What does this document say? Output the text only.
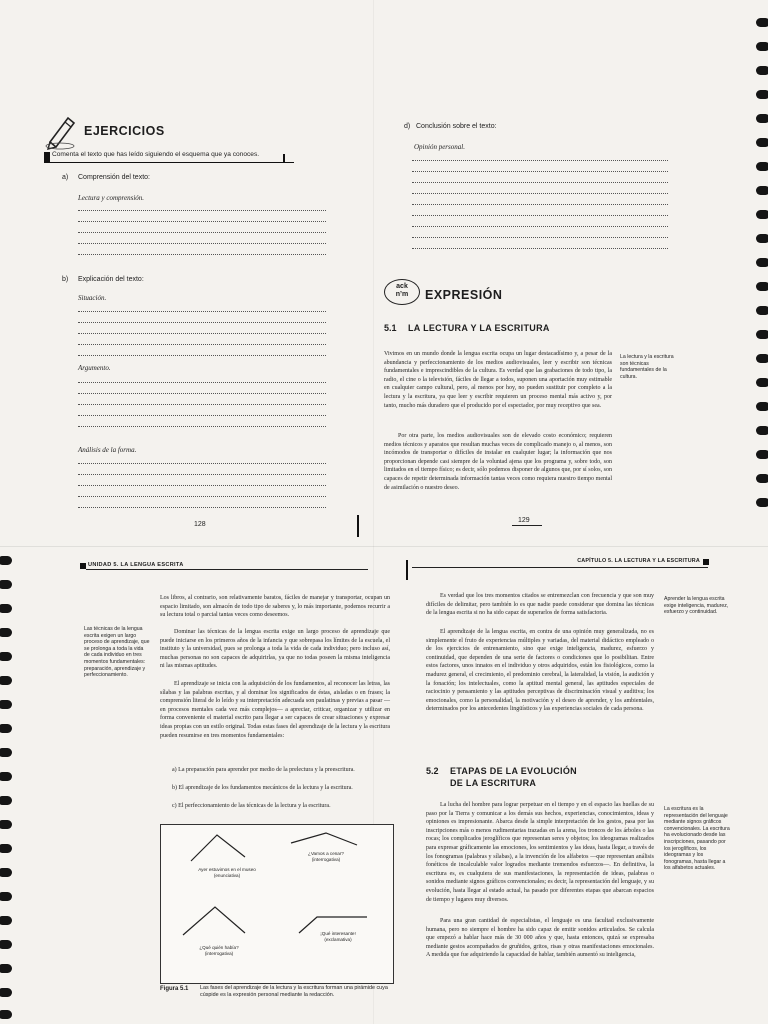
EJERCICIOS
Comenta el texto que has leído siguiendo el esquema que ya conoces.
a) Comprensión del texto:
Lectura y comprensión.
b) Explicación del texto:
Situación.
Argumento.
Análisis de la forma.
128
d) Conclusión sobre el texto:
Opinión personal.
ack
n’m	EXPRESIÓN
5.1 LA LECTURA Y LA ESCRITURA
Vivimos en un mundo donde la lengua escrita ocupa un lugar destacadísimo y, a pesar de la abundancia y perfeccionamiento de los medios audiovisuales, leer y escribir son técnicas fundamentales e imprescindibles de la cultura. Es verdad que las grabaciones de todo tipo, la radio, el cine o la televisión, fáciles de llegar a todos, suponen una aportación muy estimable en cualquier campo cultural, pero, al menos por hoy, no pueden sustituir por completo a la lectura y la escritura, ya que leer y escribir requieren un proceso mental más activo y, por tanto, mucho más duradero que el producido por el espectador, por muy receptivo que sea.
Por otra parte, los medios audiovisuales son de elevado costo económico; requieren medios técnicos y aparatos que resultan muchas veces de complicado manejo o, al menos, son incómodos de transportar o difíciles de instalar en cualquier lugar; la información que nos proporcionan depende casi siempre de la voluntad ajena que los programa y, sobre todo, son limitados en el tiempo físico; es decir, sólo podemos disponer de algunos que, por sí solos, son capaces de repetir determinada información tantas veces como requiera nuestro tiempo mental de asimilación o nuestro deseo.
La lectura y la escritura son técnicas fundamentales de la cultura.
129
UNIDAD 5. LA LENGUA ESCRITA
Los libros, al contrario, son relativamente baratos, fáciles de manejar y transportar, ocupan un espacio limitado, son almacén de todo tipo de saberes y, lo más importante, podemos recurrir a su lectura total o parcial tantas veces como deseemos.
Dominar las técnicas de la lengua escrita exige un largo proceso de aprendizaje que puede iniciarse en los primeros años de la infancia y que sobrepasa los límites de la escuela, el instituto y la universidad, pues se prolonga a toda la vida de cada individuo; pero incluso así, muchas personas no son capaces de adquirirlas, ya que no todas poseen la misma inteligencia ni las mismas aptitudes.
El aprendizaje se inicia con la adquisición de los fundamentos, al reconocer las letras, las sílabas y las palabras escritas, y al dominar los significados de éstas, aisladas o en frases; la comprensión literal de lo leído y su interpretación adecuada son paulatinas y previas a pasar —en procesos mentales cada vez más complejos— a apreciar, criticar, organizar y utilizar en forma conveniente el material escrito para llegar a ser capaces de crear situaciones y expresar ideas propias con un estilo original. Todas estas fases del aprendizaje de la lectura y la escritura pueden resumirse en tres momentos fundamentales:
Las técnicas de la lengua escrita exigen un largo proceso de aprendizaje, que se prolonga a toda la vida de cada individuo en tres momentos fundamentales: preparación, aprendizaje y perfeccionamiento.
a) La preparación para aprender por medio de la prelectura y la preescritura.
b) El aprendizaje de los fundamentos mecánicos de la lectura y la escritura.
c) El perfeccionamiento de las técnicas de la lectura y la escritura.
Ayer estuvimos en el museo (enunciativa)
¿Vamos a cenar? (interrogativa)
¿Qué quién había? (interrogativa)
¡Qué interesante! (exclamativa)
Figura 5.1 Las fases del aprendizaje de la lectura y la escritura forman una pirámide cuya cúspide es la expresión personal mediante la redacción.
CAPÍTULO 5. LA LECTURA Y LA ESCRITURA
Es verdad que los tres momentos citados se entremezclan con frecuencia y que son muy difíciles de delimitar, pero también lo es que nadie puede considerar que domina las técnicas de la lengua escrita si no ha sido capaz de superarlos de forma satisfactoria.
El aprendizaje de la lengua escrita, en contra de una opinión muy generalizada, no es simplemente el fruto de experiencias múltiples y variadas, del material didáctico empleado o de los ejercicios de entrenamiento, sino que exige inteligencia, madurez, esfuerzo y continuidad, que dependen de una serie de factores o condiciones que lo posibilitan. Entre estos factores, unos innatos en el individuo y otros adquiridos, están los fisiológicos, como la madurez general, el crecimiento, el predominio cerebral, la lateralidad, la visión, la audición y la fonación; los intelectuales, como la aptitud mental general, las aptitudes especiales de raciocinio y pensamiento y las aptitudes perceptivas de discriminación visual y auditiva; los emocionales, como la personalidad, la motivación y el deseo de aprender, y los ambientales, determinados por los antecedentes lingüísticos y las experiencias sociales de cada persona.
Aprender la lengua escrita exige inteligencia, madurez, esfuerzo y continuidad.
5.2 ETAPAS DE LA EVOLUCIÓN
DE LA ESCRITURA
La lucha del hombre para lograr perpetuar en el tiempo y en el espacio las huellas de su paso por la Tierra y comunicar a los demás sus hechos, experiencias, conocimientos, ideas y opiniones es impresionante. Abarca desde la simple interpretación de los gestos, pasa por las inscripciones más o menos rudimentarias trazadas en la arena, los troncos de los árboles o las rocas; los complicados jeroglíficos que representan seres y objetos; los ideogramas realizados para expresar gráficamente las emociones, los sentimientos y las ideas, hasta llegar, a través de los fonogramas (palabras y sílabas), a la invención de los alfabetos —que representan análisis fonéticos de incalculable valor logrados mediante tremendos esfuerzos—. En definitiva, la escritura es, es cualquiera de sus manifestaciones, la representación de ideas, palabras o sonidos mediante signos gráficos convencionales; es decir, la representación del lenguaje, y su evolución, hasta llegar al estado actual, ha pasado por diferentes etapas que abarcan espacios de tiempo y lugares muy diversos.
Para una gran cantidad de especialistas, el lenguaje es una facultad exclusivamente humana, pero no siempre el hombre ha sido capaz de emitir sonidos articulados. Se calcula que empezó a hablar hace más de 30 000 años y que, hasta entonces, quizá se expresaba mediante gestos acompañados de gruñidos, gritos, risas y otras manifestaciones emocionales. A medida que fue adquiriendo la capacidad de hablar, también aumentó su inteligencia,
La escritura es la representación del lenguaje mediante signos gráficos convencionales. La escritura ha evolucionado desde las inscripciones, pasando por los jeroglíficos, los ideogramas y los fonogramas, hasta llegar a los alfabetos actuales.
